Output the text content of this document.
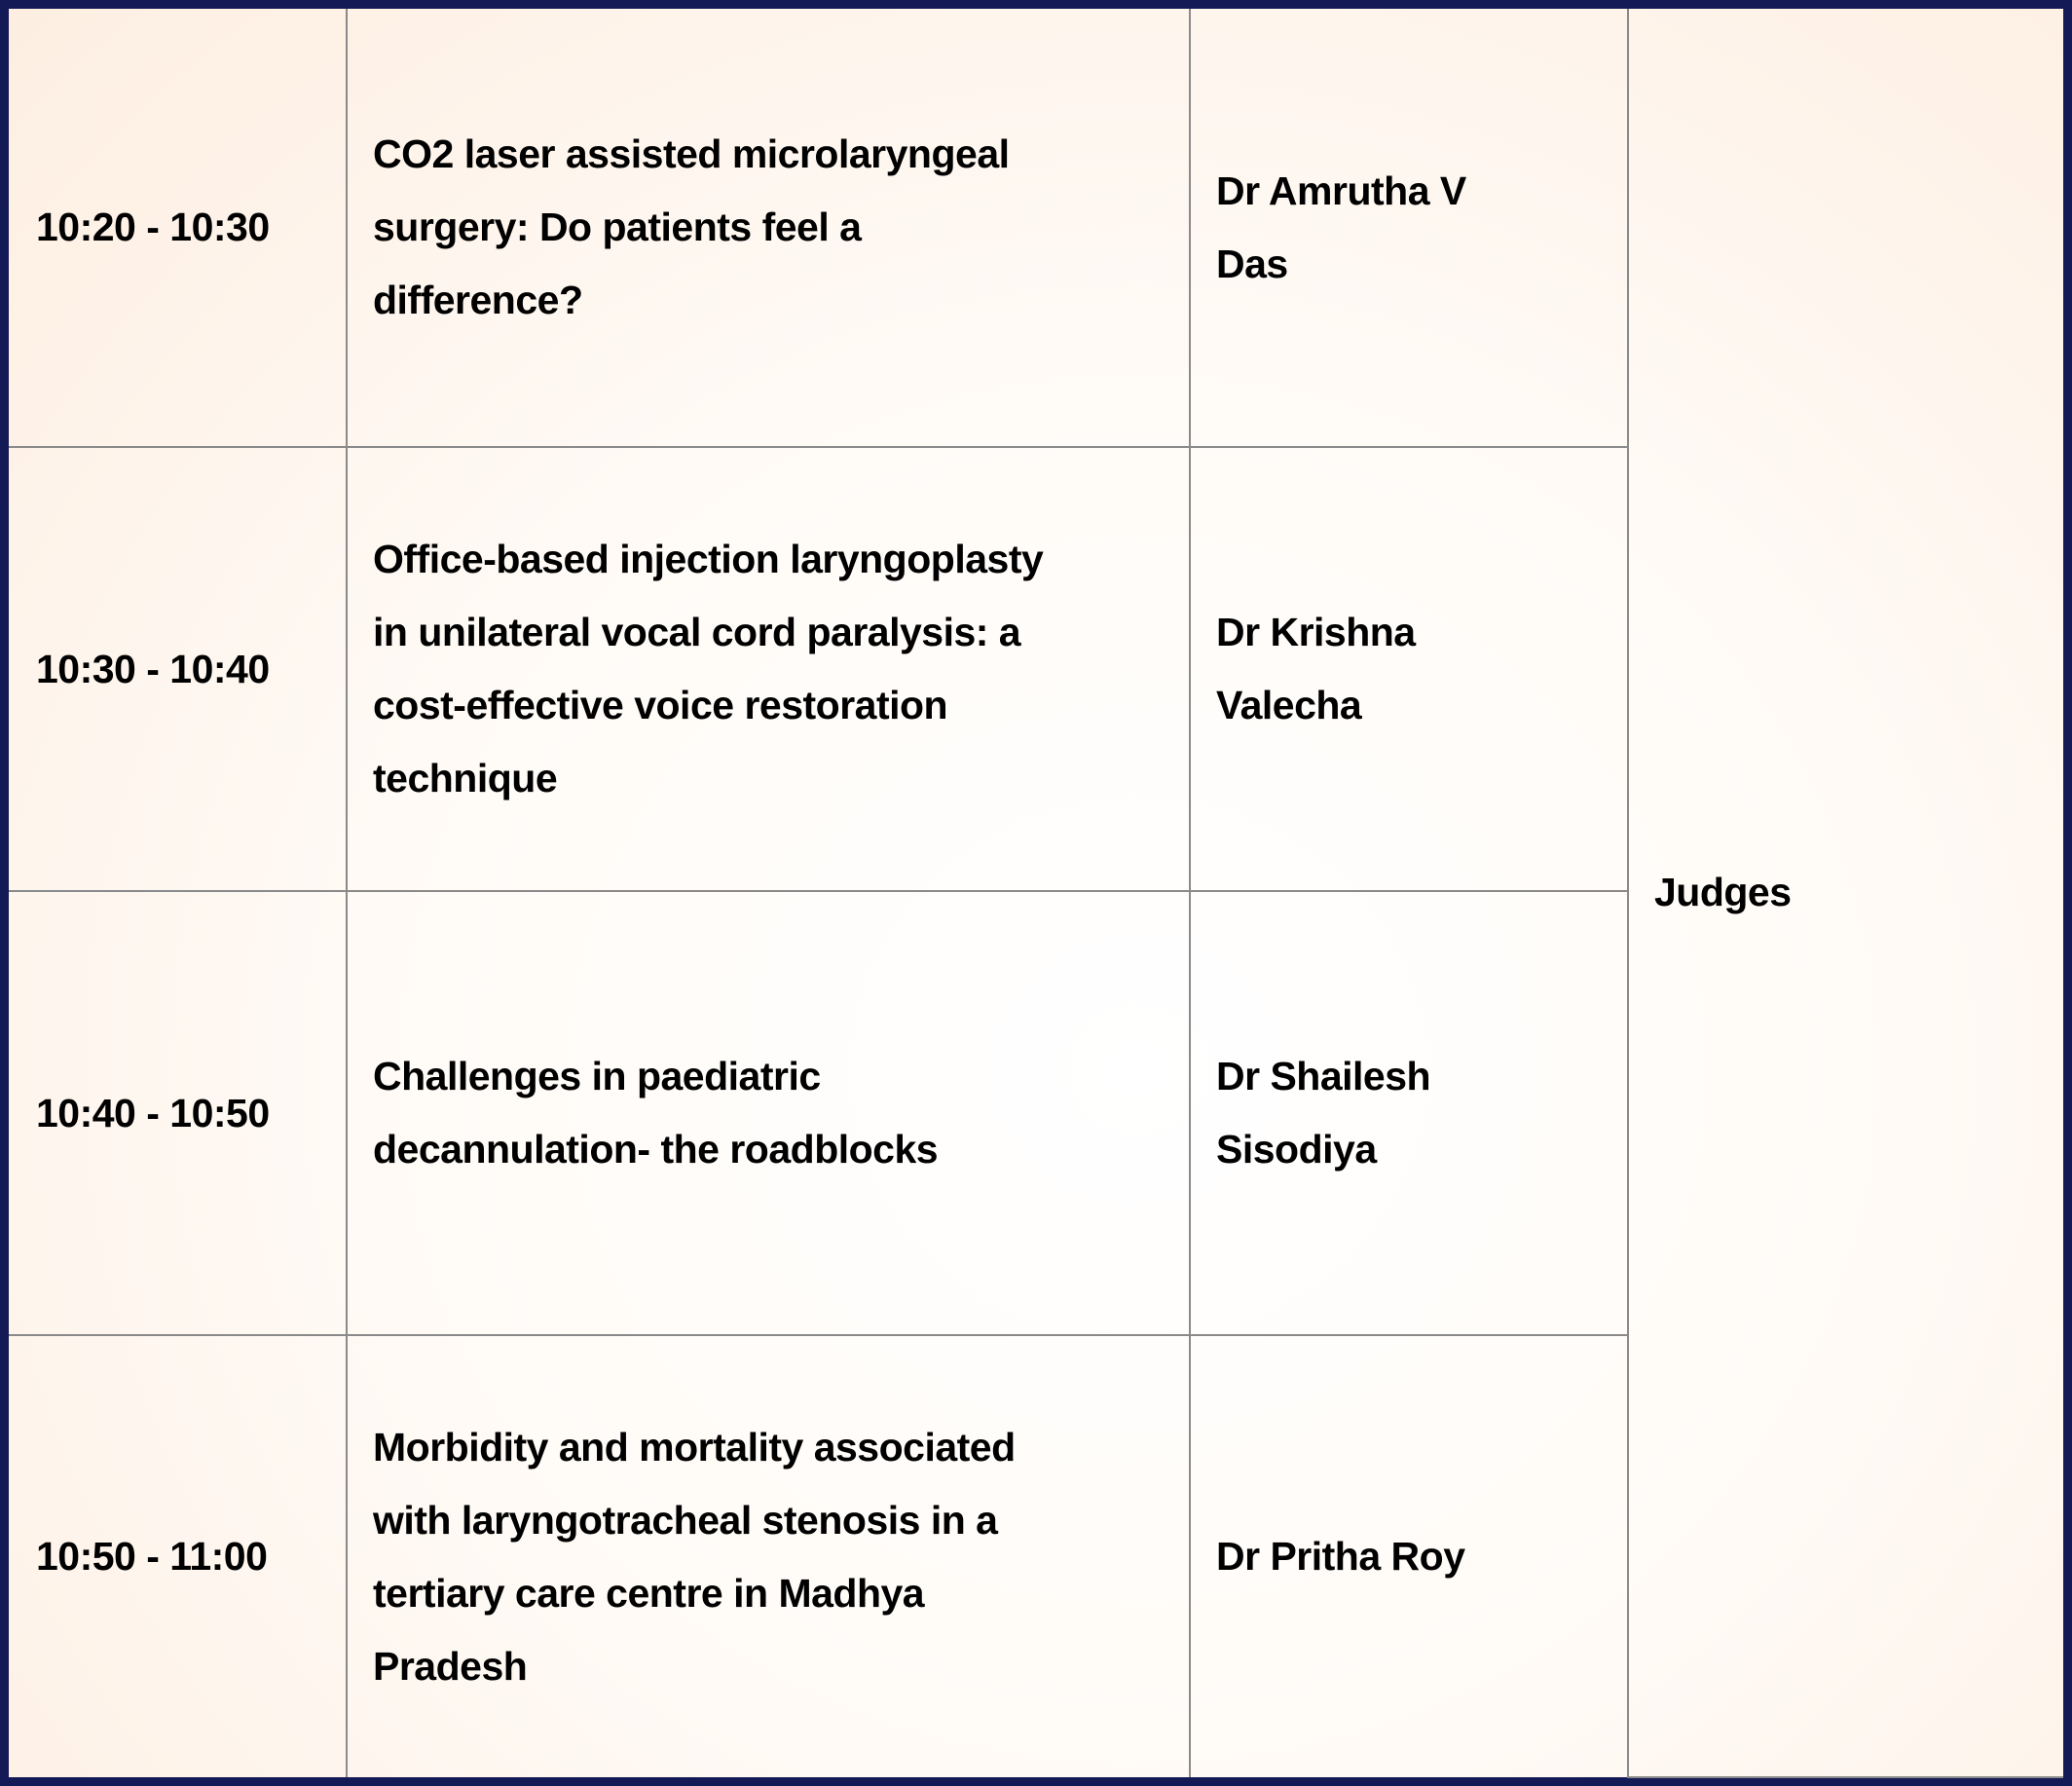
10:20 - 10:30	CO2 laser assisted microlaryngeal
surgery: Do patients feel a
difference?	Dr Amrutha V
Das	Judges
10:30 - 10:40	Office-based injection laryngoplasty
in unilateral vocal cord paralysis: a
cost-effective voice restoration
technique	Dr Krishna
Valecha	
10:40 - 10:50	Challenges in paediatric
decannulation- the roadblocks	Dr Shailesh
Sisodiya	
10:50 - 11:00	Morbidity and mortality associated
with laryngotracheal stenosis in a
tertiary care centre in Madhya
Pradesh	Dr Pritha Roy	
